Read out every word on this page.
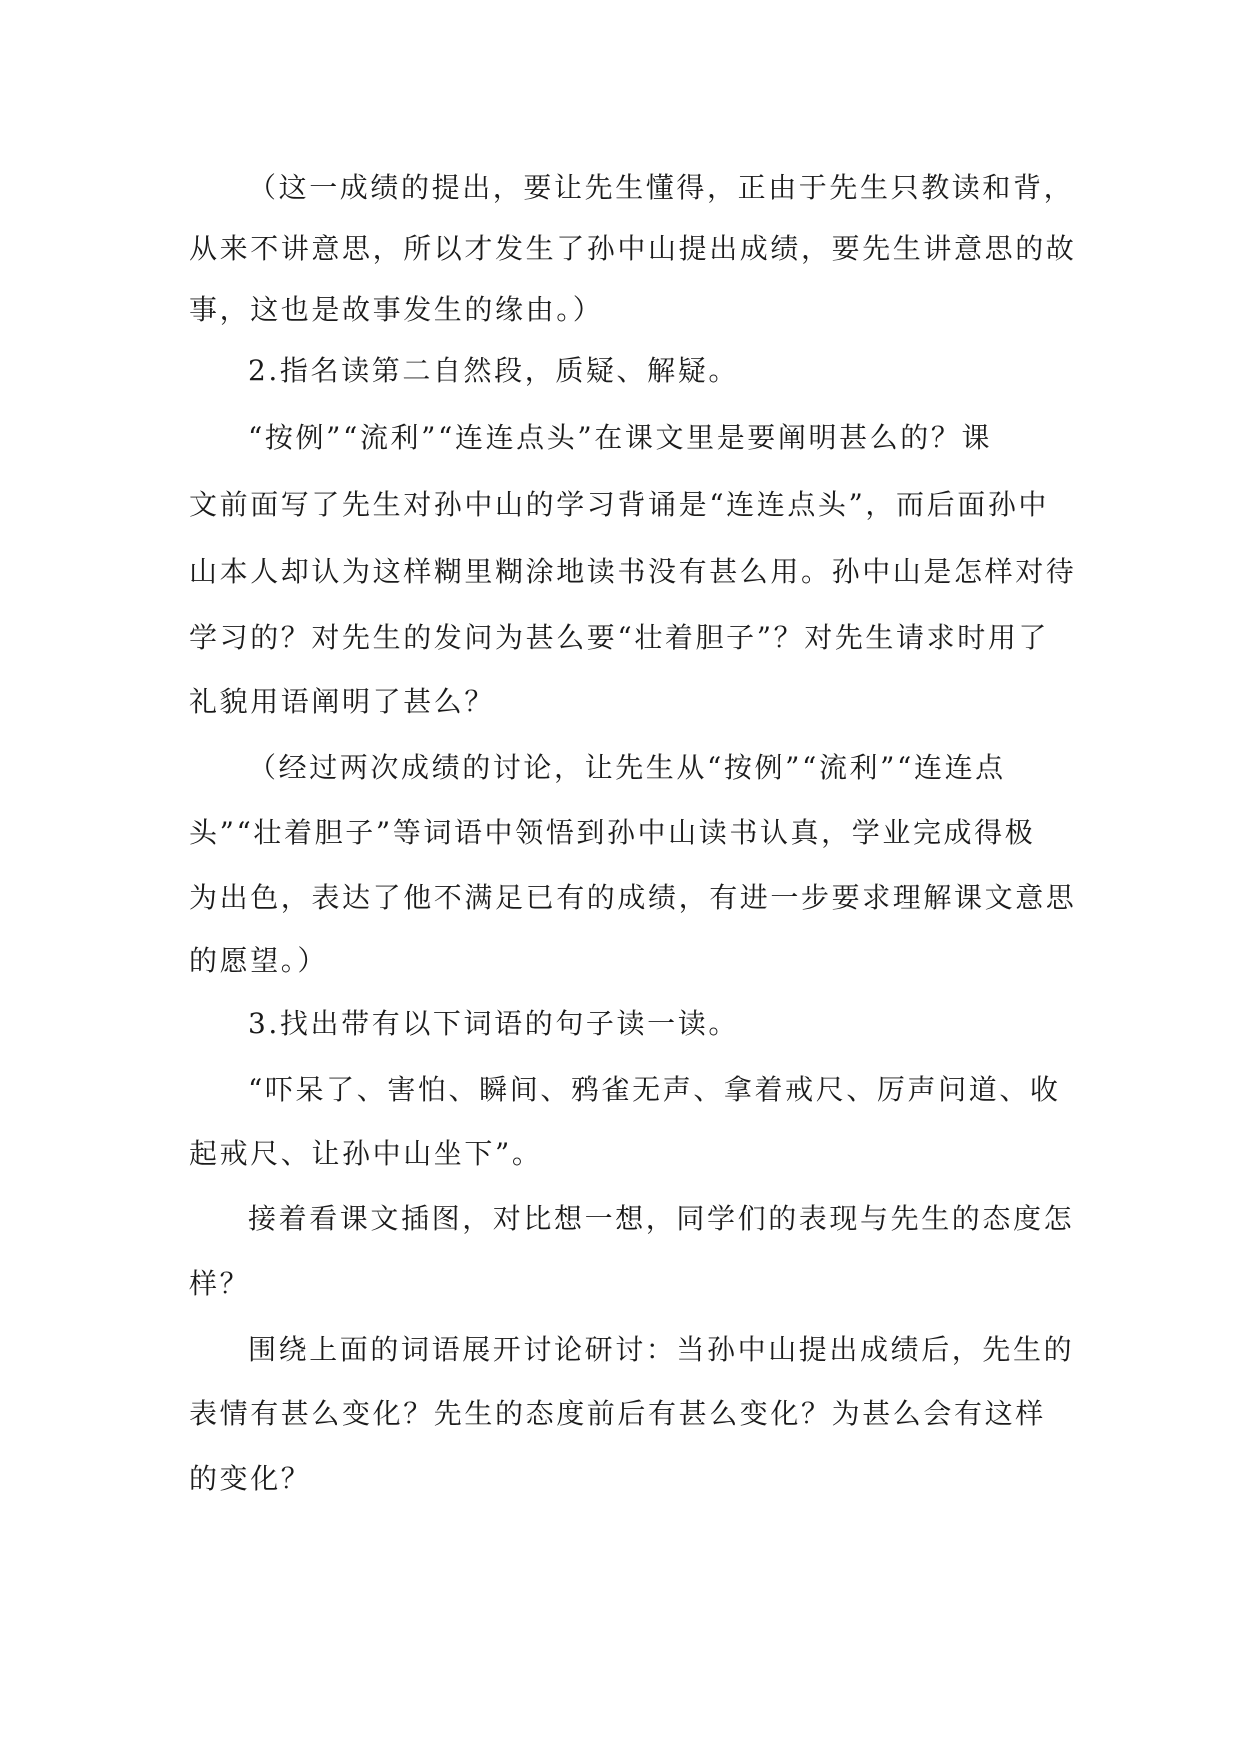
（这一成绩的提出，要让先生懂得，正由于先生只教读和背，
从来不讲意思，所以才发生了孙中山提出成绩，要先生讲意思的故
事，这也是故事发生的缘由。）
2.指名读第二自然段，质疑、解疑。
“按例”“流利”“连连点头”在课文里是要阐明甚么的？课
文前面写了先生对孙中山的学习背诵是“连连点头”，而后面孙中
山本人却认为这样糊里糊涂地读书没有甚么用。孙中山是怎样对待
学习的？对先生的发问为甚么要“壮着胆子”？对先生请求时用了
礼貌用语阐明了甚么？
（经过两次成绩的讨论，让先生从“按例”“流利”“连连点
头”“壮着胆子”等词语中领悟到孙中山读书认真，学业完成得极
为出色，表达了他不满足已有的成绩，有进一步要求理解课文意思
的愿望。）
3.找出带有以下词语的句子读一读。
“吓呆了、害怕、瞬间、鸦雀无声、拿着戒尺、厉声问道、收
起戒尺、让孙中山坐下”。
接着看课文插图，对比想一想，同学们的表现与先生的态度怎
样？
围绕上面的词语展开讨论研讨：当孙中山提出成绩后，先生的
表情有甚么变化？先生的态度前后有甚么变化？为甚么会有这样
的变化？
